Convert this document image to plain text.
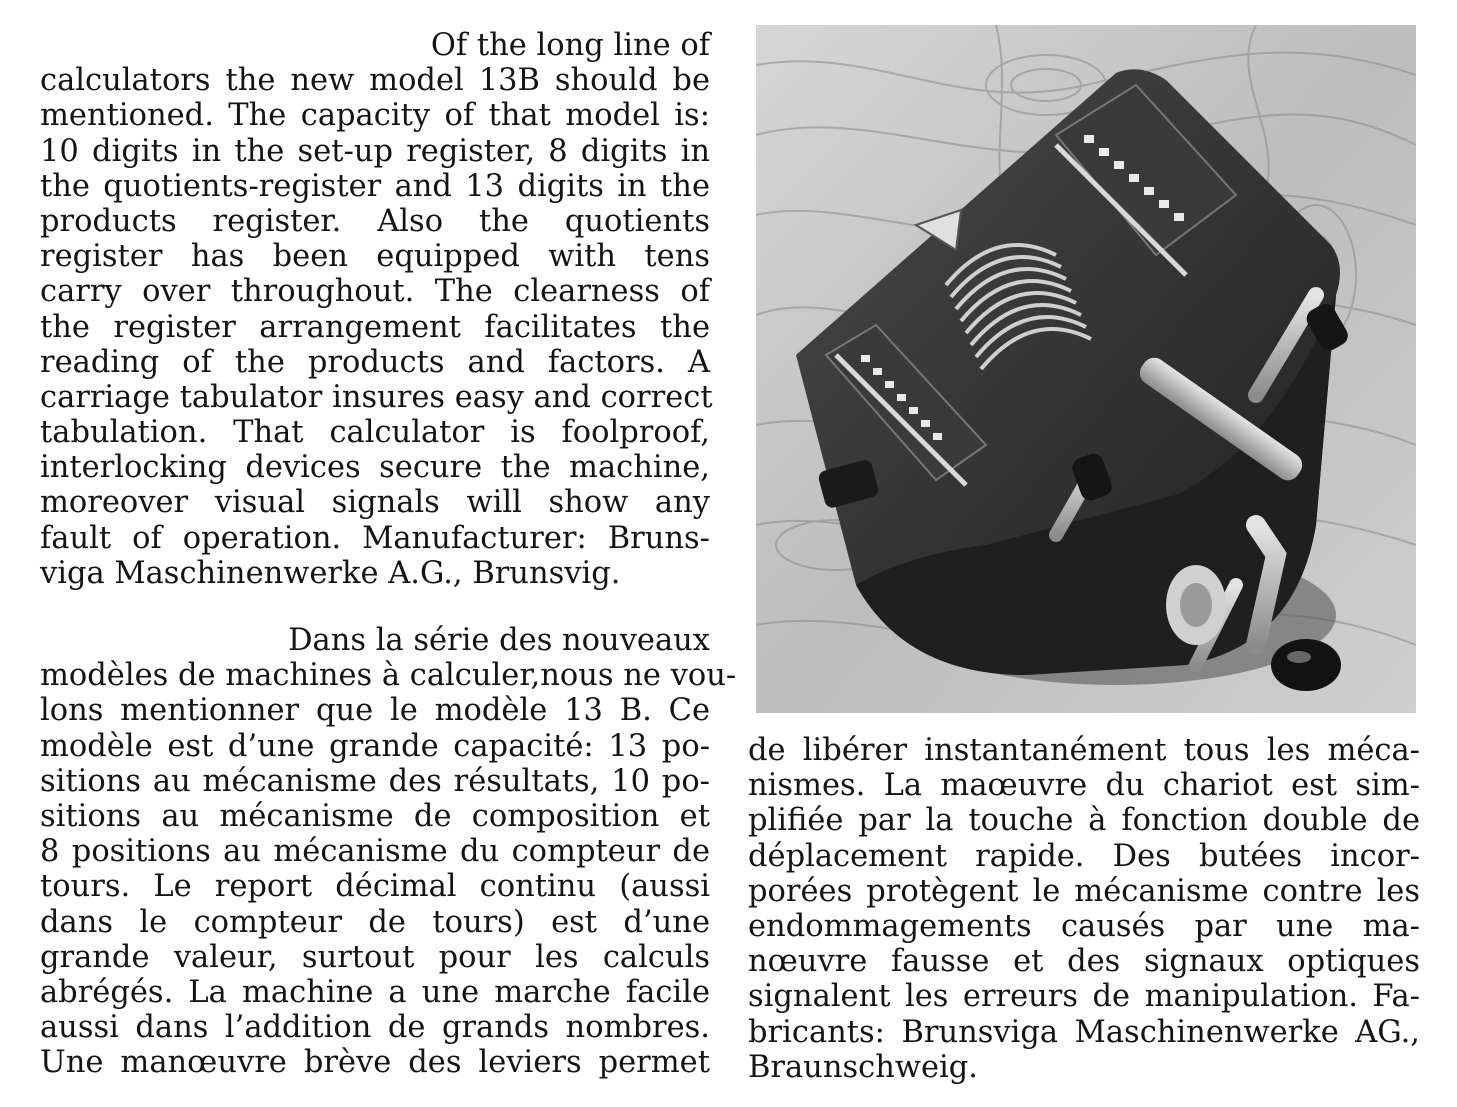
Of the long line of
calculators the new model 13B should be
mentioned. The capacity of that model is:
10 digits in the set-up register, 8 digits in
the quotients-register and 13 digits in the
products register. Also the quotients
register has been equipped with tens
carry over throughout. The clearness of
the register arrangement facilitates the
reading of the products and factors. A
carriage tabulator insures easy and correct
tabulation. That calculator is foolproof,
interlocking devices secure the machine,
moreover visual signals will show any
fault of operation. Manufacturer: Bruns-
viga Maschinenwerke A.G., Brunsvig.
Dans la série des nouveaux
modèles de machines à calculer,nous ne vou-
lons mentionner que le modèle 13 B. Ce
modèle est d’une grande capacité: 13 po-
sitions au mécanisme des résultats, 10 po-
sitions au mécanisme de composition et
8 positions au mécanisme du compteur de
tours. Le report décimal continu (aussi
dans le compteur de tours) est d’une
grande valeur, surtout pour les calculs
abrégés. La machine a une marche facile
aussi dans l’addition de grands nombres.
Une manœuvre brève des leviers permet
de libérer instantanément tous les méca-
nismes. La maœuvre du chariot est sim-
plifiée par la touche à fonction double de
déplacement rapide. Des butées incor-
porées protègent le mécanisme contre les
endommagements causés par une ma-
nœuvre fausse et des signaux optiques
signalent les erreurs de manipulation. Fa-
bricants: Brunsviga Maschinenwerke AG.,
Braunschweig.
